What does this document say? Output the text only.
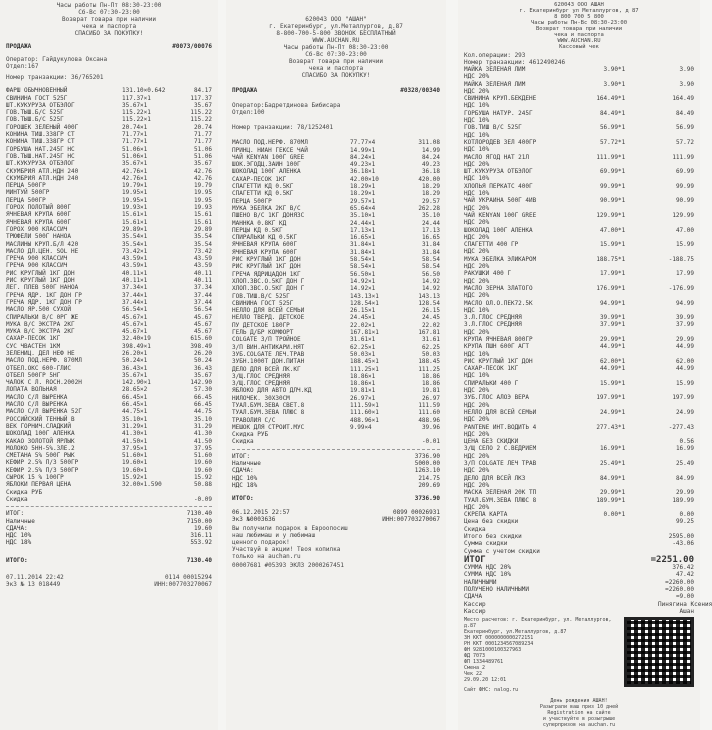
Часы работы Пн-Пт 08:30-23:00
Сб-Вс 07:30-23:00
Возврат товара при наличии
чека и паспорта
СПАСИБО ЗА ПОКУПКУ!
ПРОДАЖА	#0073/00076
Оператор: Гайдукулова Оксана
Отдел:167
Номер транзакции: 36/765201
ФАРШ ОБЫЧНОВЕННЫЙ	131.10×0.642	84.17
СВИНИНА ГОСТ 525Г	117.37×1	117.37
ШТ.КУКУРУЗА ОТБЭЛОГ	35.67×1	35.67
ГОВ.ТЫШ.Б/С 525Г	115.22×1	115.22
ГОВ.ТЫШ.Б/С 525Г	115.22×1	115.22
ГОРОШЕК ЗЕЛЕНЫЙ 400Г	20.74×1	20.74
КОНИНА ТИШ.338ГР СТ	71.77×1	71.77
КОНИНА ТИШ.338ГР СТ	71.77×1	71.77
ГОРБУША НАТ.245Г НС	51.06×1	51.06
ГОВ.ТЫШ.НАТ.245Г НС	51.06×1	51.06
ШТ.КУКУРУЗА ОТБЭЛОГ	35.67×1	35.67
СКУМБРИЯ АТЛ.НДН 240	42.76×1	42.76
СКУМБРИЯ АТЛ.НДН 240	42.76×1	42.76
ПЕРЦА 500ГР	19.79×1	19.79
МИНТУЙ 500ГР	19.95×1	19.95
ПЕРЦА 500ГР	19.95×1	19.95
ГОРОХ ПОЛОТЫЙ 800Г	19.93×1	19.93
ЯЧНЕВАЯ КРУПА 600Г	15.61×1	15.61
ЯЧНЕВАЯ КРУПА 600Г	15.61×1	15.61
ГОРОХ 900 КЛАССИЧ	29.89×1	29.89
ТРЮФЕЛИ 500Г НАНОА	35.54×1	35.54
МАСЛИНЫ КРУП.Б/Л 420	35.54×1	35.54
МАСЛО ДЛ.ЦЕН. SOL НЕ	73.42×1	73.42
ГРЕЧА 900 КЛАССИЧ	43.59×1	43.59
ГРЕЧА 900 КЛАССИЧ	43.59×1	43.59
РИС КРУГЛЫЙ 1КГ ДОН	40.11×1	40.11
РИС КРУГЛЫЙ 1КГ ДОН	40.11×1	40.11
ЛЕГ. ПЛЕВ 500Г НАНОА	37.34×1	37.34
ГРЕЧА ЯДР. 1КГ ДОН ГР	37.44×1	37.44
ГРЕЧА ЯДР. 1КГ ДОН ГР	37.44×1	37.44
МАСЛО ЯР.500 СУХОЙ	56.54×1	56.54
СПИРАЛЬКИ В/С 0РГ ЖЕ	45.67×1	45.67
МУКА В/С ЭКСТРА 2КГ	45.67×1	45.67
МУКА В/С ЭКСТРА 2КГ	45.67×1	45.67
САХАР-ПЕСОК 1КГ	32.40×19	615.60
СУС ЧВАСТЕН 1КМ	398.49×1	398.49
ЗЕЛЕНИЦ. ДЕЛ НЕФ НЕ	26.20×1	26.20
МАСЛО ПОД.НЕРФ. 870МЛ	50.24×1	50.24
ОТБЕЛ.ОКС 600-ГЛИС	36.43×1	36.43
ОТБЕЛ 500ГР 5НГ	35.67×1	35.67
ЧАЛОК С Л. ROCH.2002Н	142.90×1	142.90
ЛОПАТА ВОЛЬНАЯ	28.65×2	57.30
МАСЛО С/Л ВЫРЕНКА	66.45×1	66.45
МАСЛО С/Л ВЫРЕНКА	66.45×1	66.45
МАСЛО С/Л ВЫРЕНКА 52Г	44.75×1	44.75
РОССИЙСКИЙ ТЕННЫЙ В	35.10×1	35.10
ВЕК ГОРНИЧ.СЛАДКИЙ	31.29×1	31.29
ШОКОЛАД 100Г АЛЕНКА	41.30×1	41.30
КАКАО ЗОЛОТОЙ ЯРЛЫК	41.50×1	41.50
МОЛОКО 5НН-5%.3ЛЕ.2	37.95×1	37.95
СМЕТАНА 5% 500Г РЫК	51.60×1	51.60
КЕФИР 2.5% П/3 500ГР	19.60×1	19.60
КЕФИР 2.5% П/3 500ГР	19.60×1	19.60
СЫРОК 15 % 100ГР	15.92×1	15.92
ЯБЛОКИ ПЕРВАЯ ЦЕНА	32.00×1.590	50.88
Скидка РУБ
Скидка	-0.09
ИТОГ:	7130.40
Наличные	7150.00
СДАЧА:	19.60
НДС 10%	316.11
НДС 18%	553.92
ИТОГО:	7130.40
07.11.2014 22:42
ЭкЗ № 13 018449
0114 00015294
ИНН:007703270067
620043 ООО "АШАН"
г. Екатеринбург, ул.Металлургов, д.87
8-800-700-5-800 ЗВОНОК БЕСПЛАТНЫЙ
WWW.AUCHAN.RU
Часы работы Пн-Пт 08:30-23:00
Сб-Вс 07:30-23:00
Возврат товара при наличии
чека и паспорта
СПАСИБО ЗА ПОКУПКУ!
ПРОДАЖА	#0328/00340
Оператор:Бадретдинова Бибисара
Отдел:100
Номер транзакции: 78/1252401
МАСЛО ПОД.НЕРФ. 870МЛ	77.77×4	311.08
ПРИНЦ. НИАН ГЕКСЕ ЧАЙ	14.99×1	14.99
ЧАЙ KENYAN 100Г GREE	84.24×1	84.24
ШОК.ЭГОДЦ.ЗАИН 100Г	49.23×1	49.23
ШОКОЛАД 100Г АЛЕНКА	36.18×1	36.18
САХАР-ПЕСОК 1КГ	42.00×10	420.00
СПАГЕТТИ КД 0.5КГ	18.29×1	18.29
СПАГЕТТИ КД 0.5КГ	18.29×1	18.29
ПЕРЦА 500ГР	29.57×1	29.57
МУКА ЭБЕЛКА 2КГ В/С	65.64×4	262.28
ПШЕНО В/С 1КГ ДОНЯЗС	35.10×1	35.10
МАННКА 0.8КГ КД	24.44×1	24.44
ПЕРЦЫ КД 0.5КГ	17.13×1	17.13
СПИРАЛЬКИ КД 0.5КГ	16.65×1	16.65
ЯЧНЕВАЯ КРУПА 600Г	31.84×1	31.84
ЯЧНЕВАЯ КРУПА 600Г	31.84×1	31.84
РИС КРУГЛЫЙ 1КГ ДОН	58.54×1	58.54
РИС КРУГЛЫЙ 1КГ ДОН	58.54×1	58.54
ГРЕЧА ЯДРИЦАДОН 1КГ	56.50×1	56.50
ХЛОП.ЗВС.О.5КГ ДОН Г	14.92×1	14.92
ХЛОП.ЗВС.О.5КГ ДОН Г	14.92×1	14.92
ГОВ.ТИШ.В/С 525Г	143.13×1	143.13
СВИНИНА ГОСТ 525Г	128.54×1	128.54
НЕЛЛО ДЛЯ ВСЕЙ СЕМЬИ	26.15×1	26.15
НЕЛЛО ТВЕРД. ДЕТСКОЕ	24.45×1	24.45
ПУ ДЕТСКОЕ 180ГР	22.02×1	22.02
ГЕЛЬ Д/БР КОМФОРТ	167.81×1	167.81
COLGATE З/П ТРОЙНОЕ	31.61×1	31.61
З/П ВИН.АНТИКАРИ.НЯТ	62.25×1	62.25
ЗУБ.COLGATE ЛЕЧ.ТРАВ	50.03×1	50.03
ЗУБН.1000Т ДОН.ПИТАН	188.45×1	188.45
ДЕЛО ДЛЯ ВСЕЙ ЛК.КГ	111.25×1	111.25
З/Щ.ГЛОС СРЕДНЯЯ	18.86×1	18.86
З/Щ.ГЛОС СРЕДНЯЯ	18.86×1	18.86
ЯБЛОКО ДЛЯ АВТО ДЛЧ.КД	19.81×1	19.81
НИЛОЧЕК. 30Х30СМ	26.97×1	26.97
ТУАЛ.БУМ.ЗЕВА СВЕТ.8	111.59×1	111.59
ТУАЛ.БУМ.ЗЕВА ПЛЮС 8	111.60×1	111.60
ТРАВОЛИЯ С/С	488.96×1	488.96
МЕШОК ДЛЯ СТРОИТ.МУС	9.99×4	39.96
Скидка РУБ
Скидка	-0.01
ИТОГ:	3736.90
Наличные	5000.00
СДАЧА:	1263.10
НДС 10%	214.75
НДС 18%	209.69
ИТОГО:	3736.90
06.12.2015 22:57	0899 00026931
ЭкЗ №0003636	ИНН:007703270067
Вы получили подарок в Евроопосиш
наш любимаш и у любимаш
ценного подарок!
Участвуй в акции! Твоя копилка
только на auchan.ru
00007681 #05393 ЭКЛЗ 2000267451
620043 ООО АШАН
г. Екатеринбург ул Металлургов, д 87
8 800 700 5 800
Часы работы Пн-Вс 08:30-23:00
Возврат товара при наличии
чека и паспорта
WWW.AUCHAN.RU
Кассовый чек
Кол.операции: 293
Номер транзакции: 4612490246
МАЙКА ЗЕЛЕНАЯ ЛИМ	3.90 *1	3.90
НДС 20%
МАЙКА ЗЕЛЕНАЯ ЛИМ	3.90 *1	3.90
НДС 20%
СВИНИНА КРУП.БЕКДЕНЕ	164.49 *1	164.49
НДС 10%
ГОРБУША НАТУР. 245Г	84.49 *1	84.49
НДС 10%
ГОВ.ТИШ В/С 525Г	56.99 *1	56.99
НДС 10%
КОТЛОРОДЕВ ЗЕЛ 400ГР	57.72 *1	57.72
НДС 10%
МАСЛО ЯГОД НАТ 21Л	111.99 *1	111.99
НДС 20%
ШТ.КУКУРУЗА ОТБЭЛОГ	69.99 *1	69.99
НДС 10%
ХЛОПЬЯ ПЕРКАТС 400Г	99.99 *1	99.99
НДС 10%
ЧАЙ УКРАИНА 500Г 4ИВ	90.99 *1	90.99
НДС 20%
ЧАЙ KENYAN 100Г GREE	129.99 *1	129.99
НДС 20%
ШОКОЛАД 100Г АЛЕНКА	47.00 *1	47.00
НДС 20%
СПАГЕТТИ 400 ГР	15.99 *1	15.99
НДС 20%
МУКА ЭБЕЛКА ЭЛИКАРОМ	188.75 *1	-188.75
НДС 20%
РАКУШКИ 400 Г	17.99 *1	17.99
НДС 20%
МАСЛО ЗЕРНА ЗЛАТОГО	176.99 *1	-176.99
НДС 20%
МАСЛО ОЛ.О.ПЕК72.5К	94.99 *1	94.99
НДС 10%
З.Л.ГЛОС СРЕДНЯЯ	39.99 *1	39.99
З.Л.ГЛОС СРЕДНЯЯ	37.99 *1	37.99
НДС 20%
КРУПА ЯЧНЕВАЯ 800ГР	29.99 *1	29.99
КРУПА ПШН 600Г АГТ	44.99 *1	44.99
НДС 10%
РИС КРУГЛЫЙ 1КГ ДОН	62.00 *1	62.00
САХАР-ПЕСОК 1КГ	44.99 *1	44.99
НДС 10%
СПИРАЛЬКИ 400 Г	15.99 *1	15.99
НДС 20%
ЗУБ.ГЛОС АЛОЭ ВЕРА	197.99 *1	197.99
НДС 20%
НЕЛЛО ДЛЯ ВСЕЙ СЕМЬИ	24.99 *1	24.99
НДС 20%
PANTENE ИНТ.ВОДИТЬ 4	277.43 *1	-277.43
НДС 20%
ЦЕНА БЕЗ СКИДКИ	0.56
З/Щ СЕЛО 2 С.ВЕДРИЕМ	16.99 *1	16.99
НДС 20%
З/П COLGATE ЛЕЧ ТРАВ	25.49 *1	25.49
НДС 20%
ДЕЛО ДЛЯ ВСЕЙ ЛКЗ	84.99 *1	84.99
НДС 20%
МАСКА ЗЕЛЕНАЯ 20К ТП	29.99 *1	29.99
ТУАЛ.БУМ.ЗЕВА ПЛЮС 8	189.99 *1	189.99
НДС 20%
СКРЕПА КАРТА	0.00 *1	0.00
Цена без скидки	99.25
Скидка
Итого без скидки	2595.00
Сумма скидки	-43.06
Сумма с учетом скидки
ИТОГ	=2251.00
СУММА НДС 20%	376.42
СУММА НДС 10%	47.42
НАЛИЧНЫМИ	=2260.00
ПОЛУЧЕНО НАЛИЧНЫМИ	=2260.00
СДАЧА	=9.00
Кассир	Пинягина Ксения
Кассир	Ашан
Место расчетов: г. Екатеринбург, ул. Металлургов, д.87
Екатеринбург, ул.Металлургов, д.87
ЗН ККТ 0000000000272151
РН ККТ 0001234567089234
ФН 9281000100327963
ФД 7073
ФП 1334489761
Смена 2
Чек 22
29.09.20 12:01
Сайт ФНС: nalog.ru
День рождения АШАН!
Разыграли ваш приз 10 дней
Registration на сайте
и участвуйте в розыгрыше
суперпризов на auchan.ru
